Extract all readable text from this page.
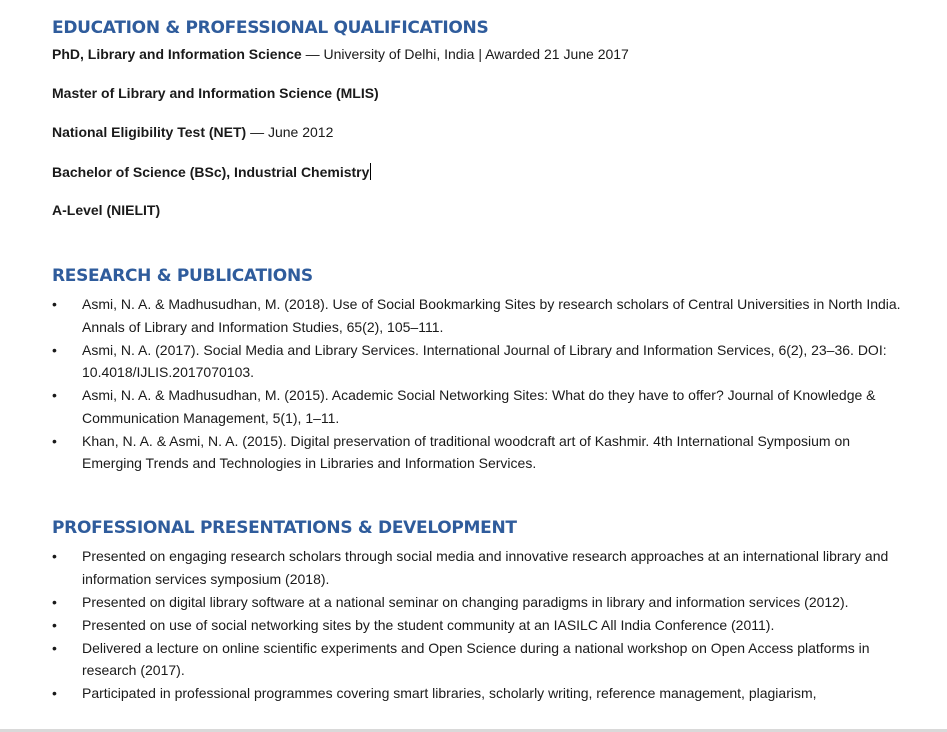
EDUCATION & PROFESSIONAL QUALIFICATIONS
PhD, Library and Information Science — University of Delhi, India | Awarded 21 June 2017
Master of Library and Information Science (MLIS)
National Eligibility Test (NET) — June 2012
Bachelor of Science (BSc), Industrial Chemistry
A-Level (NIELIT)
RESEARCH & PUBLICATIONS
•	Asmi, N. A. & Madhusudhan, M. (2018). Use of Social Bookmarking Sites by research scholars of Central Universities in North India. Annals of Library and Information Studies, 65(2), 105–111.
•	Asmi, N. A. (2017). Social Media and Library Services. International Journal of Library and Information Services, 6(2), 23–36. DOI: 10.4018/IJLIS.2017070103.
•	Asmi, N. A. & Madhusudhan, M. (2015). Academic Social Networking Sites: What do they have to offer? Journal of Knowledge & Communication Management, 5(1), 1–11.
•	Khan, N. A. & Asmi, N. A. (2015). Digital preservation of traditional woodcraft art of Kashmir. 4th International Symposium on Emerging Trends and Technologies in Libraries and Information Services.
PROFESSIONAL PRESENTATIONS & DEVELOPMENT
•	Presented on engaging research scholars through social media and innovative research approaches at an international library and information services symposium (2018).
•	Presented on digital library software at a national seminar on changing paradigms in library and information services (2012).
•	Presented on use of social networking sites by the student community at an IASILC All India Conference (2011).
•	Delivered a lecture on online scientific experiments and Open Science during a national workshop on Open Access platforms in research (2017).
•	Participated in professional programmes covering smart libraries, scholarly writing, reference management, plagiarism,
